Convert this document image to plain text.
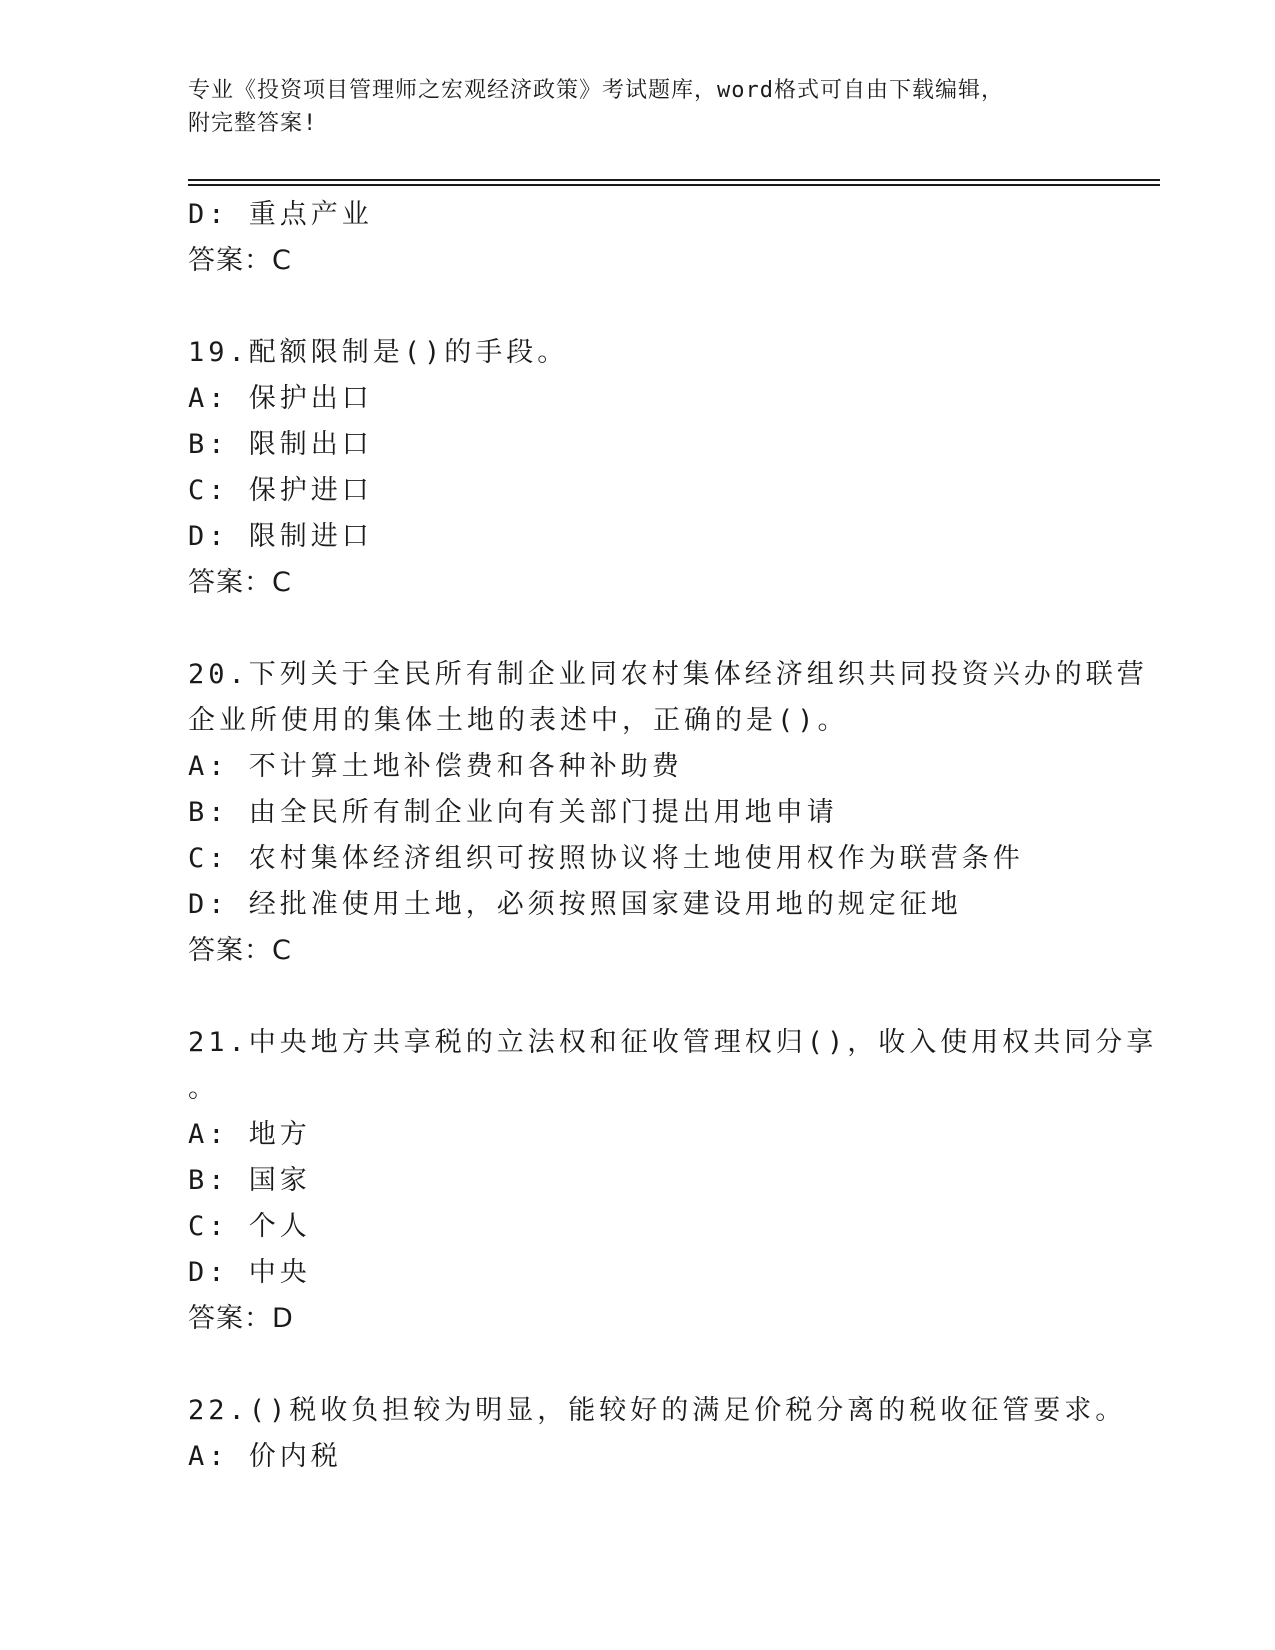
专业《投资项目管理师之宏观经济政策》考试题库，word格式可自由下载编辑，
附完整答案!
D: 重点产业
答案：C
19.配额限制是()的手段。
A: 保护出口
B: 限制出口
C: 保护进口
D: 限制进口
答案：C
20.下列关于全民所有制企业同农村集体经济组织共同投资兴办的联营
企业所使用的集体土地的表述中，正确的是()。
A: 不计算土地补偿费和各种补助费
B: 由全民所有制企业向有关部门提出用地申请
C: 农村集体经济组织可按照协议将土地使用权作为联营条件
D: 经批准使用土地，必须按照国家建设用地的规定征地
答案：C
21.中央地方共享税的立法权和征收管理权归()，收入使用权共同分享
。
A: 地方
B: 国家
C: 个人
D: 中央
答案：D
22.()税收负担较为明显，能较好的满足价税分离的税收征管要求。
A: 价内税
